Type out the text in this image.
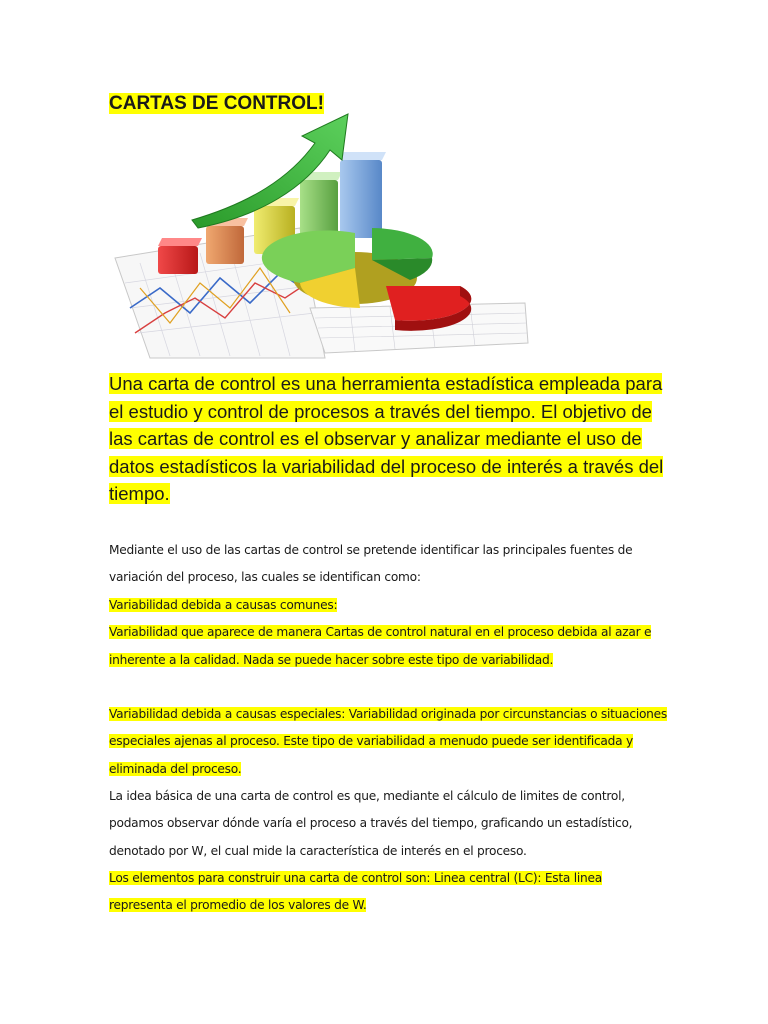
CARTAS DE CONTROL!

Una carta de control es una herramienta estadística empleada para el estudio y control de procesos a través del tiempo. El objetivo de las cartas de control es el observar y analizar mediante el uso de datos estadísticos la variabilidad del proceso de interés a través del tiempo.

Mediante el uso de las cartas de control se pretende identificar las principales fuentes de variación del proceso, las cuales se identifican como:

Variabilidad debida a causas comunes:
Variabilidad que aparece de manera Cartas de control natural en el proceso debida al azar e inherente a la calidad. Nada se puede hacer sobre este tipo de variabilidad.

Variabilidad debida a causas especiales: Variabilidad originada por circunstancias o situaciones especiales ajenas al proceso. Este tipo de variabilidad a menudo puede ser identificada y eliminada del proceso.

La idea básica de una carta de control es que, mediante el cálculo de limites de control, podamos observar dónde varía el proceso a través del tiempo, graficando un estadístico, denotado por W, el cual mide la característica de interés en el proceso.

Los elementos para construir una carta de control son: Linea central (LC): Esta linea representa el promedio de los valores de W.
